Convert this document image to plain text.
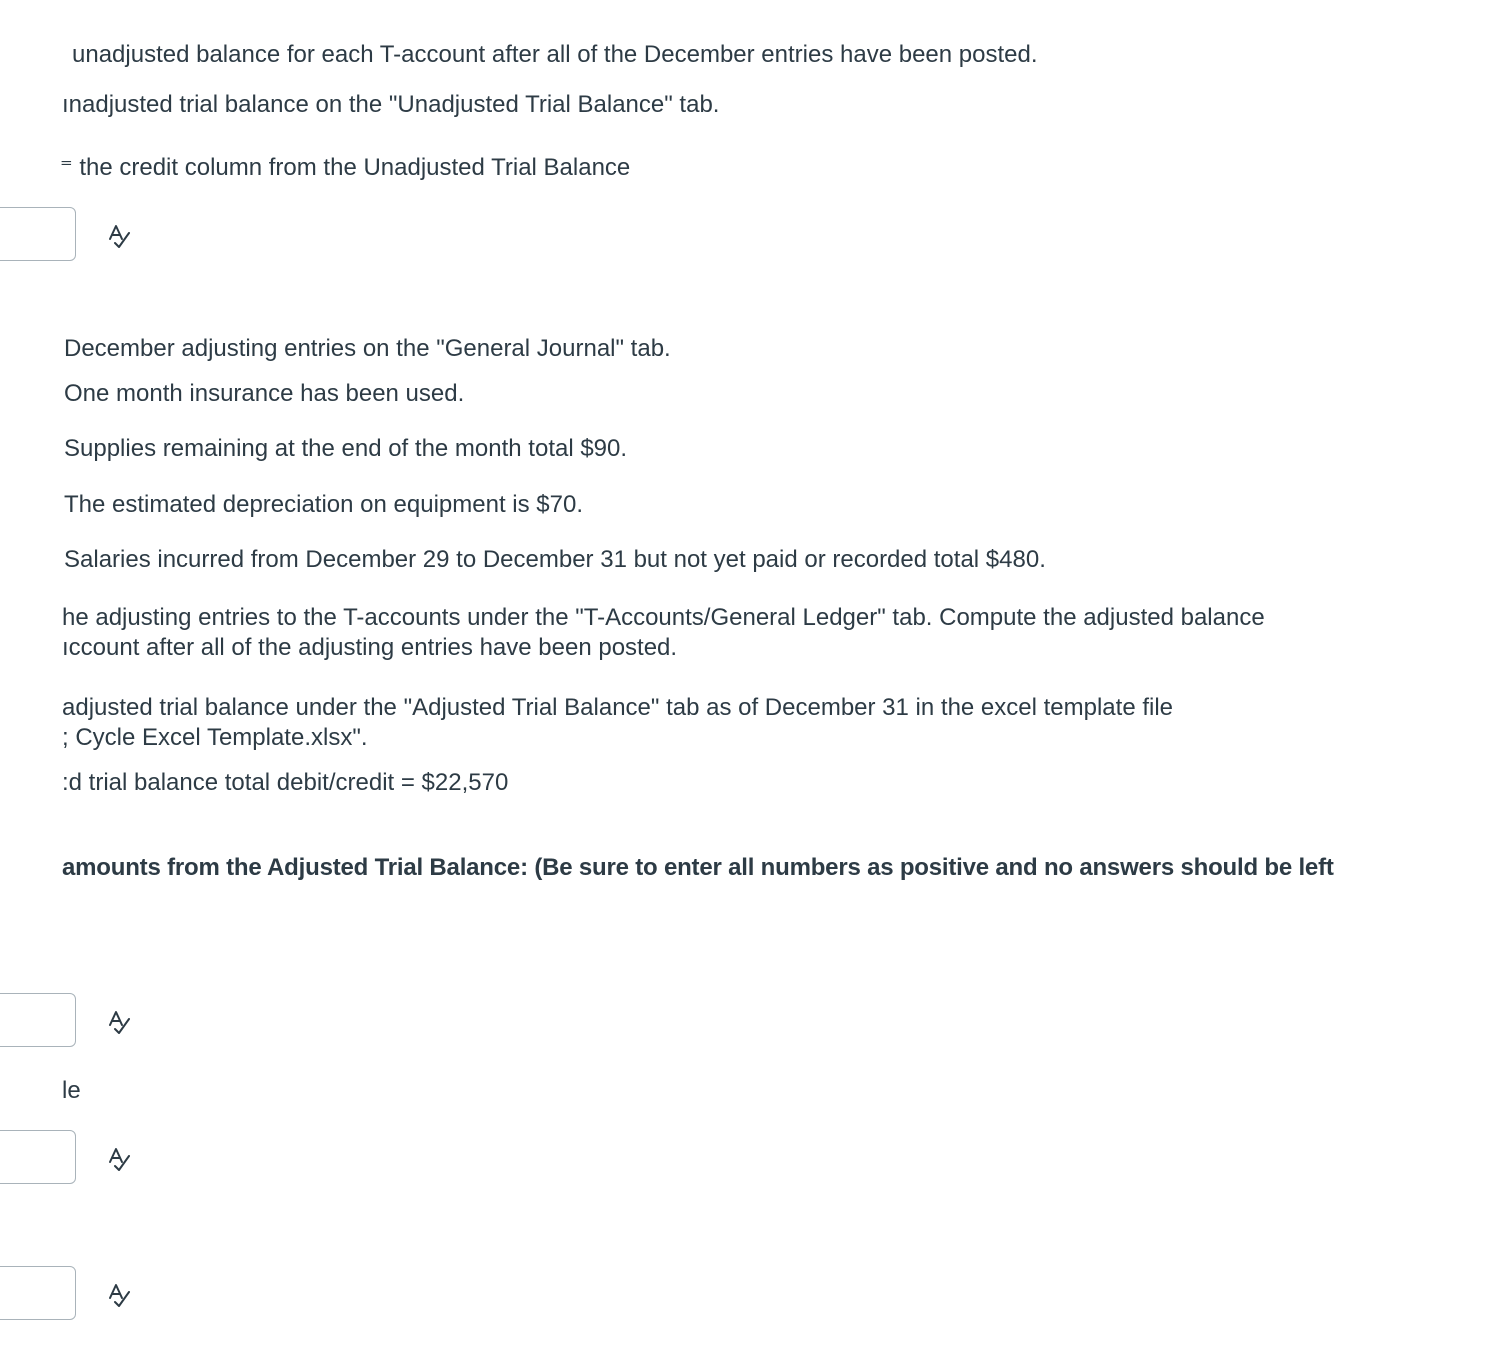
unadjusted balance for each T-account after all of the December entries have been posted.
ınadjusted trial balance on the "Unadjusted Trial Balance" tab.
⁼ the credit column from the Unadjusted Trial Balance
December adjusting entries on the "General Journal" tab.
One month insurance has been used.
Supplies remaining at the end of the month total $90.
The estimated depreciation on equipment is $70.
Salaries incurred from December 29 to December 31 but not yet paid or recorded total $480.
he adjusting entries to the T-accounts under the "T-Accounts/General Ledger" tab. Compute the adjusted balance
ıccount after all of the adjusting entries have been posted.
adjusted trial balance under the "Adjusted Trial Balance" tab as of December 31 in the excel template file
; Cycle Excel Template.xlsx".
:d trial balance total debit/credit = $22,570
amounts from the Adjusted Trial Balance: (Be sure to enter all numbers as positive and no answers should be left
le
